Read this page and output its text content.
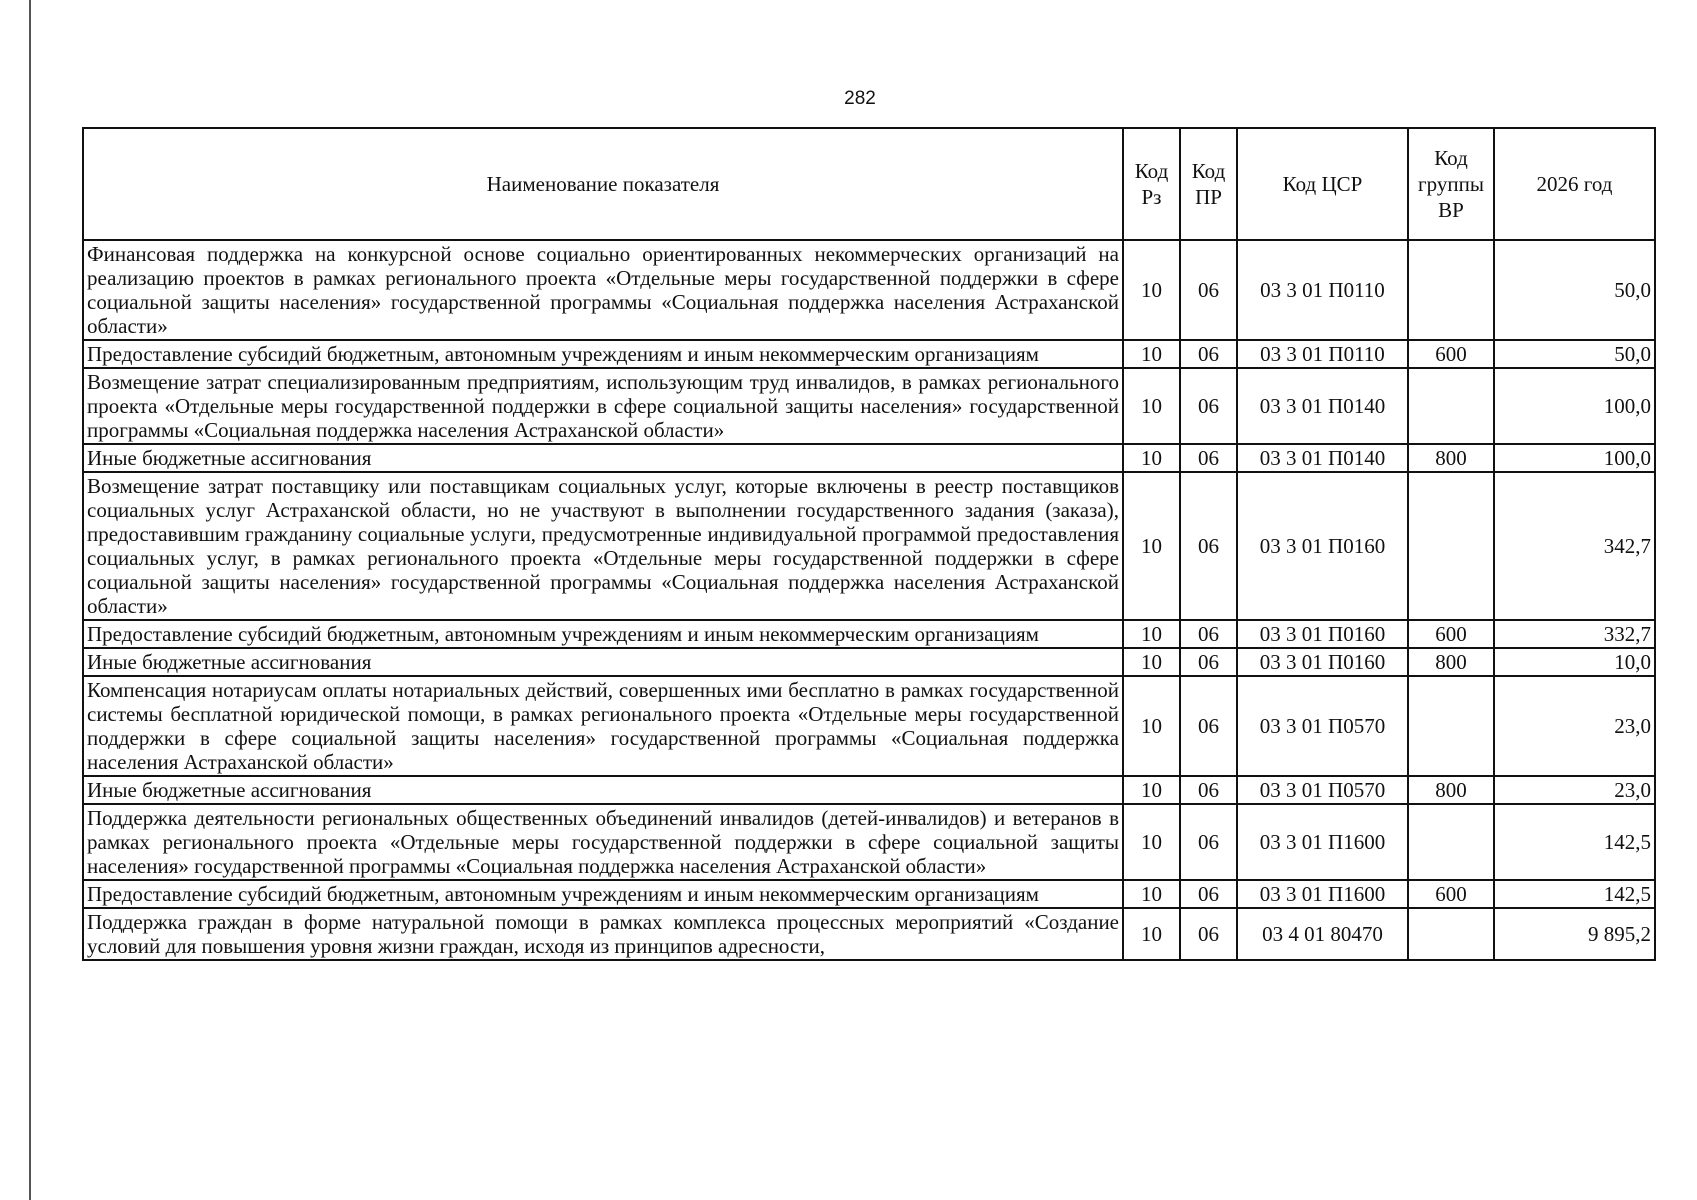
282
Наименование показателя	Код Рз	Код ПР	Код ЦСР	Код группы ВР	2026 год
Финансовая поддержка на конкурсной основе социально ориентированных некоммерческих организаций на реализацию проектов в рамках регионального проекта «Отдельные меры государственной поддержки в сфере социальной защиты населения» государственной программы «Социальная поддержка населения Астраханской области»	10	06	03 3 01 П0110		50,0
Предоставление субсидий бюджетным, автономным учреждениям и иным некоммерческим организациям	10	06	03 3 01 П0110	600	50,0
Возмещение затрат специализированным предприятиям, использующим труд инвалидов, в рамках регионального проекта «Отдельные меры государственной поддержки в сфере социальной защиты населения» государственной программы «Социальная поддержка населения Астраханской области»	10	06	03 3 01 П0140		100,0
Иные бюджетные ассигнования	10	06	03 3 01 П0140	800	100,0
Возмещение затрат поставщику или поставщикам социальных услуг, которые включены в реестр поставщиков социальных услуг Астраханской области, но не участвуют в выполнении государственного задания (заказа), предоставившим гражданину социальные услуги, предусмотренные индивидуальной программой предоставления социальных услуг, в рамках регионального проекта «Отдельные меры государственной поддержки в сфере социальной защиты населения» государственной программы «Социальная поддержка населения Астраханской области»	10	06	03 3 01 П0160		342,7
Предоставление субсидий бюджетным, автономным учреждениям и иным некоммерческим организациям	10	06	03 3 01 П0160	600	332,7
Иные бюджетные ассигнования	10	06	03 3 01 П0160	800	10,0
Компенсация нотариусам оплаты нотариальных действий, совершенных ими бесплатно в рамках государственной системы бесплатной юридической помощи, в рамках регионального проекта «Отдельные меры государственной поддержки в сфере социальной защиты населения» государственной программы «Социальная поддержка населения Астраханской области»	10	06	03 3 01 П0570		23,0
Иные бюджетные ассигнования	10	06	03 3 01 П0570	800	23,0
Поддержка деятельности региональных общественных объединений инвалидов (детей-инвалидов) и ветеранов в рамках регионального проекта «Отдельные меры государственной поддержки в сфере социальной защиты населения» государственной программы «Социальная поддержка населения Астраханской области»	10	06	03 3 01 П1600		142,5
Предоставление субсидий бюджетным, автономным учреждениям и иным некоммерческим организациям	10	06	03 3 01 П1600	600	142,5
Поддержка граждан в форме натуральной помощи в рамках комплекса процессных мероприятий «Создание условий для повышения уровня жизни граждан, исходя из принципов адресности,	10	06	03 4 01 80470		9 895,2
